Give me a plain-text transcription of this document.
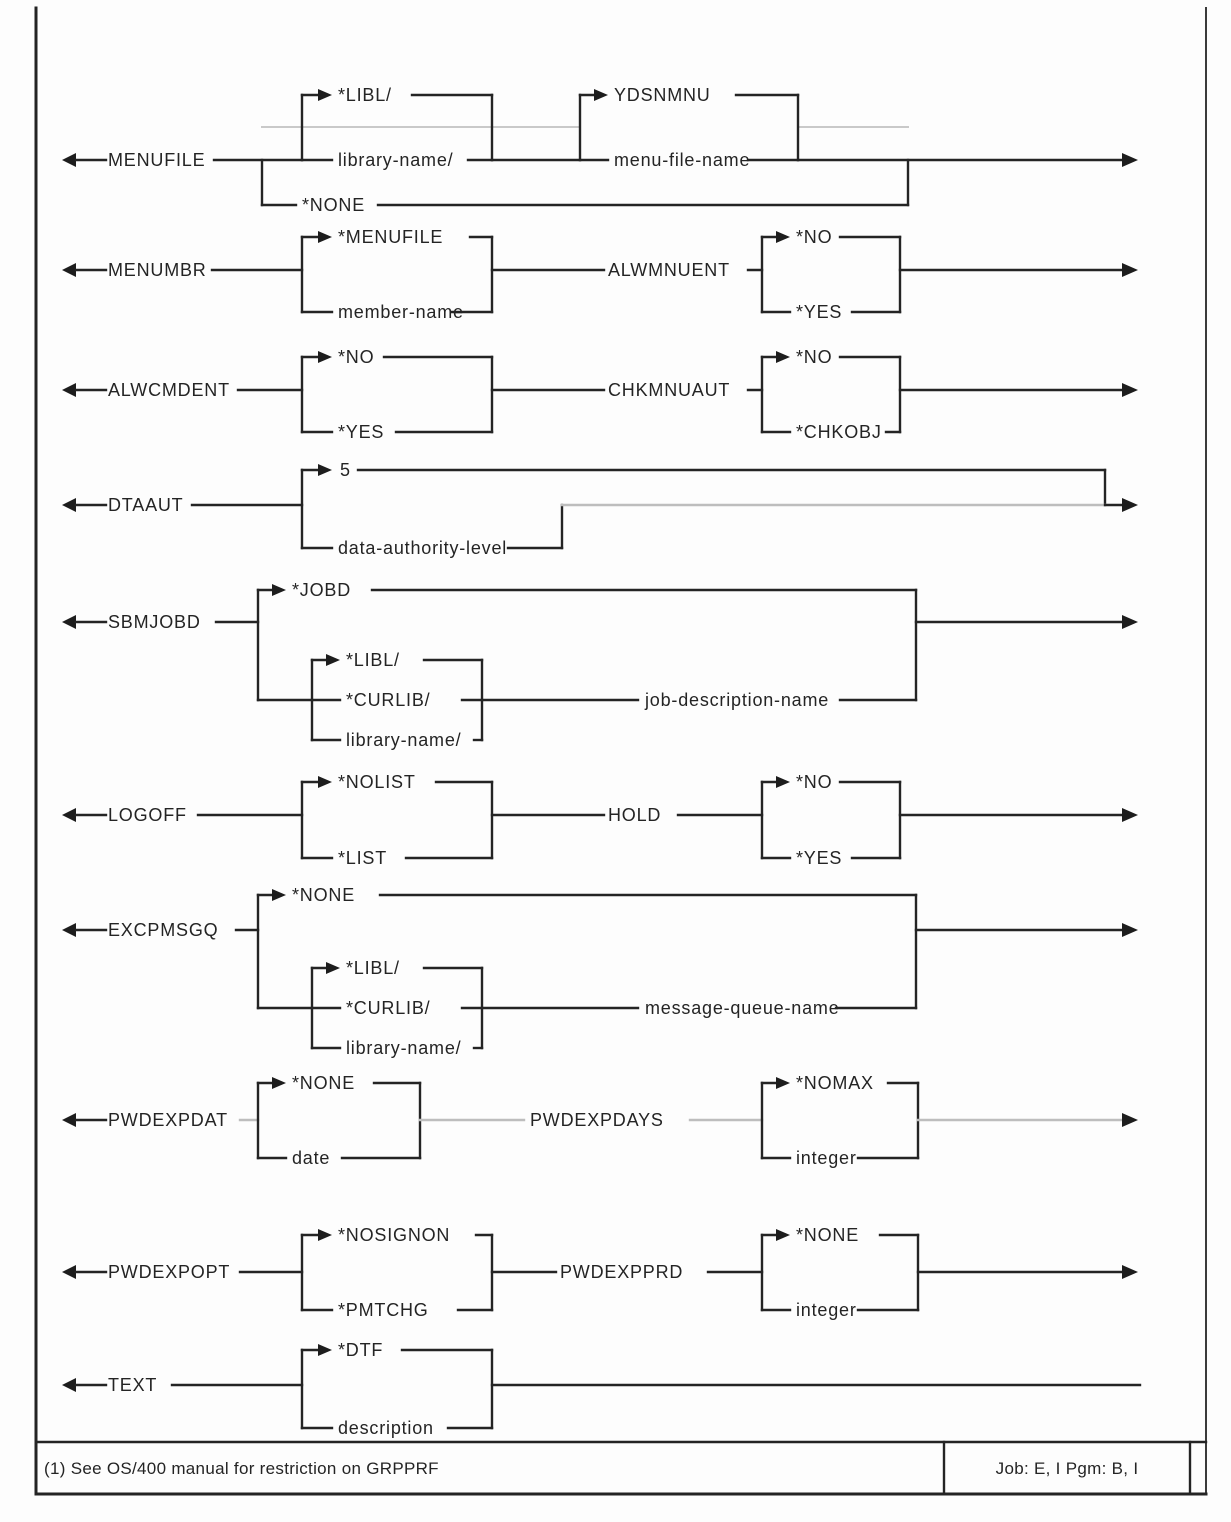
MENUFILE
*LIBL/
library-name/
YDSNMNU
menu-file-name
*NONE
MENUMBR
*MENUFILE
member-name
ALWMNUENT
*NO
*YES
ALWCMDENT
*NO
*YES
CHKMNUAUT
*NO
*CHKOBJ
DTAAUT
5
data-authority-level
SBMJOBD
*JOBD
*LIBL/
*CURLIB/
library-name/
job-description-name
LOGOFF
*NOLIST
*LIST
HOLD
*NO
*YES
EXCPMSGQ
*NONE
*LIBL/
*CURLIB/
library-name/
message-queue-name
PWDEXPDAT
*NONE
date
PWDEXPDAYS
*NOMAX
integer
PWDEXPOPT
*NOSIGNON
*PMTCHG
PWDEXPPRD
*NONE
integer
TEXT
*DTF
description
(1) See OS/400 manual for restriction on GRPPRF	Job: E, I Pgm: B, I
